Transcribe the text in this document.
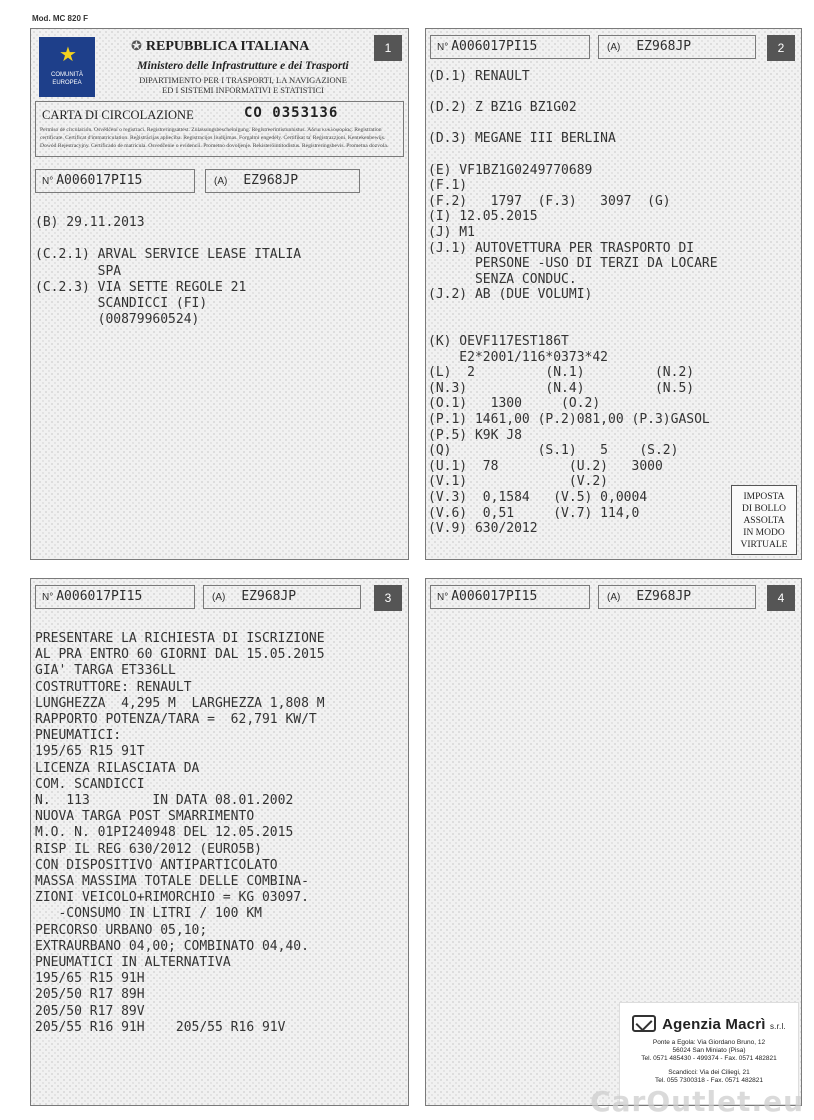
Mod. MC 820 F
1
★
COMUNITÀ
EUROPEA
✪ REPUBBLICA ITALIANA
Ministero delle Infrastrutture e dei Trasporti
DIPARTIMENTO PER I TRASPORTI, LA NAVIGAZIONE
ED I SISTEMI INFORMATIVI E STATISTICI
CARTA DI CIRCOLAZIONE	CO 0353136
Permiso de circulación. Osvědčení o registraci. Registreringsattest. Zulassungsbescheinigung. Registreerimistunnistus. Άδεια κυκλοφορίας. Registration certificate. Certificat d'immatriculation. Reģistrācijas apliecība. Registracijos liudijimas. Forgalmi engedély. Certifikat ta' Reġistrazzjoni. Kentekenbewijs. Dowód Rejestracyjny. Certificado de matrícula. Osvedčenie o evidencii. Prometno dovoljenje. Rekisteröintitodistus. Registreringsbevis. Prometna dozvola.
N° A006017PI15	(A) EZ968JP
(B) 29.11.2013

(C.2.1) ARVAL SERVICE LEASE ITALIA
SPA
(C.2.3) VIA SETTE REGOLE 21
SCANDICCI (FI)
(00879960524)
2
N° A006017PI15	(A) EZ968JP
(D.1) RENAULT

(D.2) Z BZ1G BZ1G02

(D.3) MEGANE III BERLINA

(E) VF1BZ1G0249770689
(F.1)
(F.2)   1797  (F.3)   3097  (G)
(I) 12.05.2015
(J) M1
(J.1) AUTOVETTURA PER TRASPORTO DI
PERSONE -USO DI TERZI DA LOCARE
SENZA CONDUC.
(J.2) AB (DUE VOLUMI)

(K) OEVF117EST186T
E2*2001/116*0373*42
(L)  2         (N.1)         (N.2)
(N.3)          (N.4)         (N.5)
(O.1)   1300     (O.2)
(P.1) 1461,00 (P.2)081,00 (P.3)GASOL
(P.5) K9K J8
(Q)           (S.1)   5    (S.2)
(U.1)  78         (U.2)   3000
(V.1)             (V.2)
(V.3)  0,1584   (V.5) 0,0004
(V.6)  0,51     (V.7) 114,0
(V.9) 630/2012
IMPOSTA
DI BOLLO
ASSOLTA
IN MODO
VIRTUALE
3
N° A006017PI15	(A) EZ968JP
PRESENTARE LA RICHIESTA DI ISCRIZIONE
AL PRA ENTRO 60 GIORNI DAL 15.05.2015
GIA' TARGA ET336LL
COSTRUTTORE: RENAULT
LUNGHEZZA  4,295 M  LARGHEZZA 1,808 M
RAPPORTO POTENZA/TARA =  62,791 KW/T
PNEUMATICI:
195/65 R15 91T
LICENZA RILASCIATA DA
COM. SCANDICCI
N.  113        IN DATA 08.01.2002
NUOVA TARGA POST SMARRIMENTO
M.O. N. 01PI240948 DEL 12.05.2015
RISP IL REG 630/2012 (EURO5B)
CON DISPOSITIVO ANTIPARTICOLATO
MASSA MASSIMA TOTALE DELLE COMBINA-
ZIONI VEICOLO+RIMORCHIO = KG 03097.
-CONSUMO IN LITRI / 100 KM
PERCORSO URBANO 05,10;
EXTRAURBANO 04,00; COMBINATO 04,40.
PNEUMATICI IN ALTERNATIVA
195/65 R15 91H
205/50 R17 89H
205/50 R17 89V
205/55 R16 91H    205/55 R16 91V
4
N° A006017PI15	(A) EZ968JP
Agenzia Macrì s.r.l.
Ponte a Egola: Via Giordano Bruno, 12
56024 San Miniato (Pisa)
Tel. 0571 485430 - 499374 - Fax. 0571 482821
Scandicci: Via dei Ciliegi, 21
Tel. 055 7300318 - Fax. 0571 482821
CarOutlet.eu
